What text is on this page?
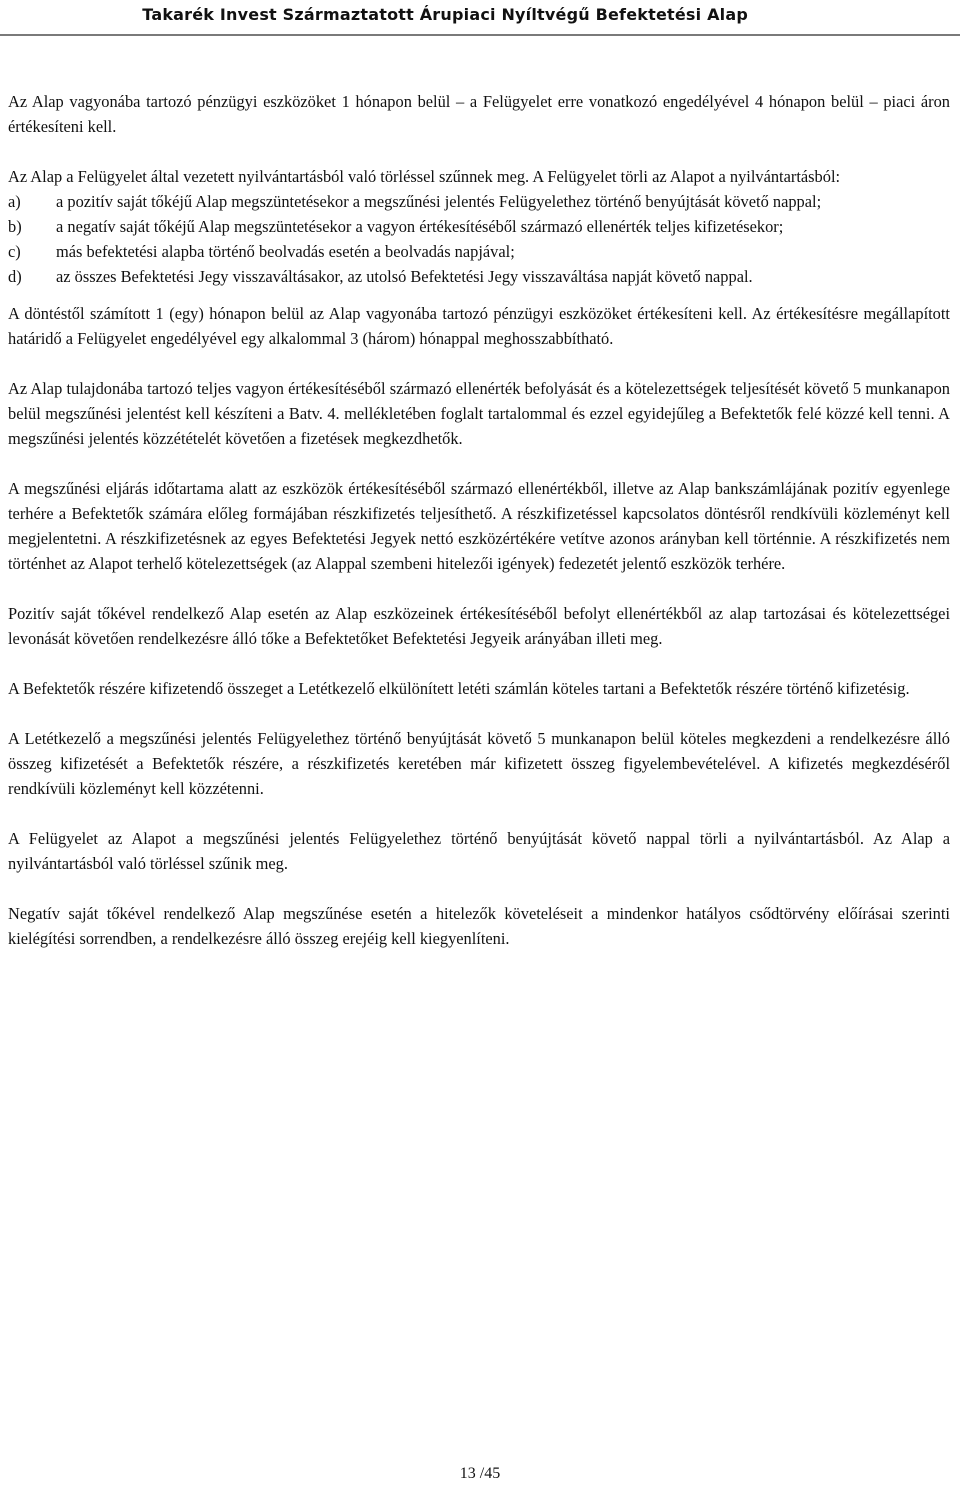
Takarék Invest Származtatott Árupiaci Nyíltvégű Befektetési Alap

Az Alap vagyonába tartozó pénzügyi eszközöket 1 hónapon belül – a Felügyelet erre vonatkozó engedélyével 4 hónapon belül – piaci áron értékesíteni kell.

Az Alap a Felügyelet által vezetett nyilvántartásból való törléssel szűnnek meg. A Felügyelet törli az Alapot a nyilvántartásból:

a)	a pozitív saját tőkéjű Alap megszüntetésekor a megszűnési jelentés Felügyelethez történő benyújtását követő nappal;
b)	a negatív saját tőkéjű Alap megszüntetésekor a vagyon értékesítéséből származó ellenérték teljes kifizetésekor;
c)	más befektetési alapba történő beolvadás esetén a beolvadás napjával;
d)	az összes Befektetési Jegy visszaváltásakor, az utolsó Befektetési Jegy visszaváltása napját követő nappal.

A döntéstől számított 1 (egy) hónapon belül az Alap vagyonába tartozó pénzügyi eszközöket értékesíteni kell. Az értékesítésre megállapított határidő a Felügyelet engedélyével egy alkalommal 3 (három) hónappal meghosszabbítható.

Az Alap tulajdonába tartozó teljes vagyon értékesítéséből származó ellenérték befolyását és a kötelezettségek teljesítését követő 5 munkanapon belül megszűnési jelentést kell készíteni a Batv. 4. mellékletében foglalt tartalommal és ezzel egyidejűleg a Befektetők felé közzé kell tenni. A megszűnési jelentés közzétételét követően a fizetések megkezdhetők.

A megszűnési eljárás időtartama alatt az eszközök értékesítéséből származó ellenértékből, illetve az Alap bankszámlájának pozitív egyenlege terhére a Befektetők számára előleg formájában részkifizetés teljesíthető. A részkifizetéssel kapcsolatos döntésről rendkívüli közleményt kell megjelentetni. A részkifizetésnek az egyes Befektetési Jegyek nettó eszközértékére vetítve azonos arányban kell történnie. A részkifizetés nem történhet az Alapot terhelő kötelezettségek (az Alappal szembeni hitelezői igények) fedezetét jelentő eszközök terhére.

Pozitív saját tőkével rendelkező Alap esetén az Alap eszközeinek értékesítéséből befolyt ellenértékből az alap tartozásai és kötelezettségei levonását követően rendelkezésre álló tőke a Befektetőket Befektetési Jegyeik arányában illeti meg.

A Befektetők részére kifizetendő összeget a Letétkezelő elkülönített letéti számlán köteles tartani a Befektetők részére történő kifizetésig.

A Letétkezelő a megszűnési jelentés Felügyelethez történő benyújtását követő 5 munkanapon belül köteles megkezdeni a rendelkezésre álló összeg kifizetését a Befektetők részére, a részkifizetés keretében már kifizetett összeg figyelembevételével. A kifizetés megkezdéséről rendkívüli közleményt kell közzétenni.

A Felügyelet az Alapot a megszűnési jelentés Felügyelethez történő benyújtását követő nappal törli a nyilvántartásból. Az Alap a nyilvántartásból való törléssel szűnik meg.

Negatív saját tőkével rendelkező Alap megszűnése esetén a hitelezők követeléseit a mindenkor hatályos csődtörvény előírásai szerinti kielégítési sorrendben, a rendelkezésre álló összeg erejéig kell kiegyenlíteni.

13 /45
